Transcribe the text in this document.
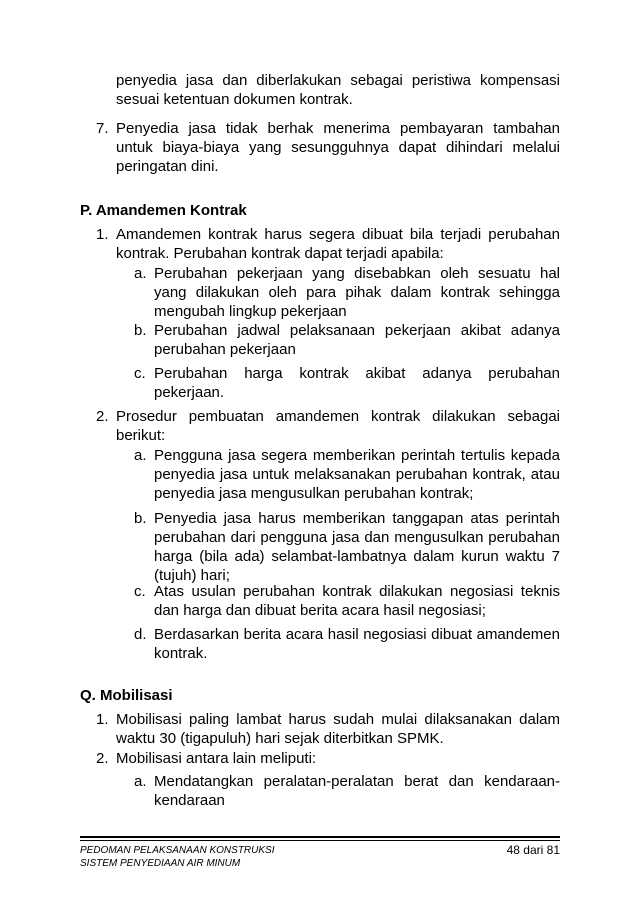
penyedia jasa dan diberlakukan sebagai peristiwa kompensasi sesuai ketentuan dokumen kontrak.

7. Penyedia jasa tidak berhak menerima pembayaran tambahan untuk biaya-biaya yang sesungguhnya dapat dihindari melalui peringatan dini.

P. Amandemen Kontrak

1. Amandemen kontrak harus segera dibuat bila terjadi perubahan kontrak. Perubahan kontrak dapat terjadi apabila:

a. Perubahan pekerjaan yang disebabkan oleh sesuatu hal yang dilakukan oleh para pihak dalam kontrak sehingga mengubah lingkup pekerjaan

b. Perubahan jadwal pelaksanaan pekerjaan akibat adanya perubahan pekerjaan

c. Perubahan harga kontrak akibat adanya perubahan pekerjaan.

2. Prosedur pembuatan amandemen kontrak dilakukan sebagai berikut:

a. Pengguna jasa segera memberikan perintah tertulis kepada penyedia jasa untuk melaksanakan perubahan kontrak, atau penyedia jasa mengusulkan perubahan kontrak;

b. Penyedia jasa harus memberikan tanggapan atas perintah perubahan dari pengguna jasa dan mengusulkan perubahan harga (bila ada) selambat-lambatnya dalam kurun waktu 7 (tujuh) hari;

c. Atas usulan perubahan kontrak dilakukan negosiasi teknis dan harga dan dibuat berita acara hasil negosiasi;

d. Berdasarkan berita acara hasil negosiasi dibuat amandemen kontrak.

Q. Mobilisasi

1. Mobilisasi paling lambat harus sudah mulai dilaksanakan dalam waktu 30 (tigapuluh) hari sejak diterbitkan SPMK.

2. Mobilisasi antara lain meliputi:

a. Mendatangkan peralatan-peralatan berat dan kendaraan-kendaraan

PEDOMAN PELAKSANAAN KONSTRUKSI
SISTEM PENYEDIAAN AIR MINUM
48 dari 81
